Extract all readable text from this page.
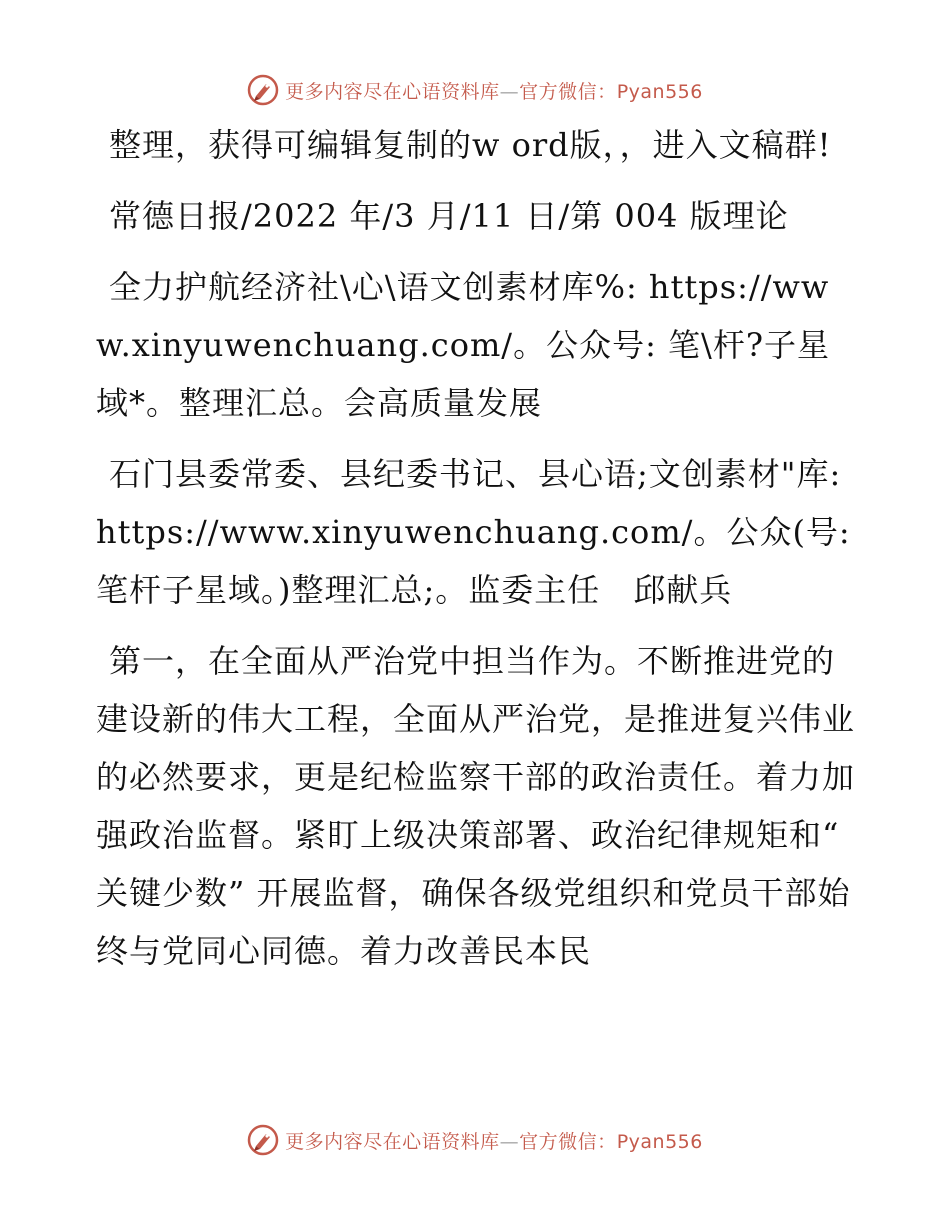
更多内容尽在心语资料库—官方微信：Pyan556

整理，获得可编辑复制的w ord版，，进入文稿群!

常德日报/2022 年/3 月/11 日/第 004 版理论

全力护航经济社\心\语文创素材库%: https://www.xinyuwenchuang.com/。公众号: 笔\杆?子星域*。整理汇总。会高质量发展

石门县委常委、县纪委书记、县心语;文创素材"库: https://www.xinyuwenchuang.com/。公众(号: 笔杆子星域。)整理汇总;。监委主任　邱献兵

第一，在全面从严治党中担当作为。不断推进党的建设新的伟大工程，全面从严治党，是推进复兴伟业的必然要求，更是纪检监察干部的政治责任。着力加强政治监督。紧盯上级决策部署、政治纪律规矩和“ 关键少数” 开展监督，确保各级党组织和党员干部始终与党同心同德。着力改善民本民

更多内容尽在心语资料库—官方微信：Pyan556
